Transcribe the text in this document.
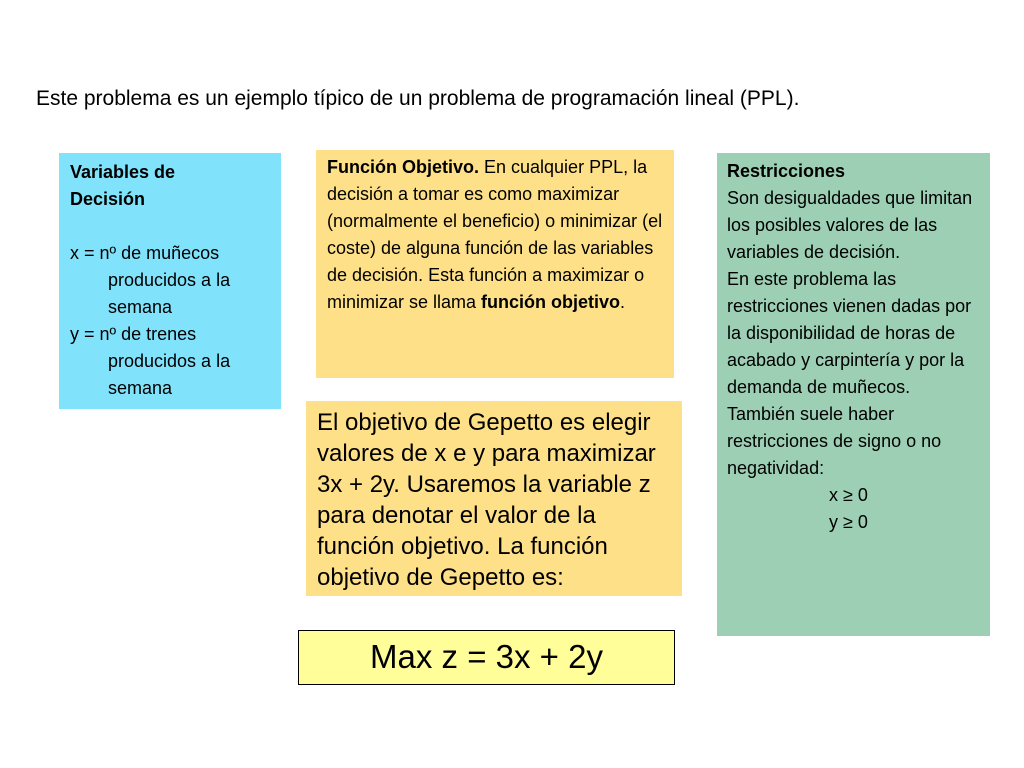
Este problema es un ejemplo típico de un problema de programación lineal (PPL).

Variables de

Decisión

x = nº de muñecos producidos a la semana

y = nº de trenes producidos a la semana

Función Objetivo. En cualquier PPL, la decisión a tomar es como maximizar (normalmente el beneficio) o minimizar (el coste) de alguna función de las variables de decisión. Esta función a maximizar o minimizar se llama función objetivo.

El objetivo de Gepetto es elegir valores de x e y para maximizar 3x + 2y. Usaremos la variable z para denotar el valor de la función objetivo. La función objetivo de Gepetto es:

Restricciones

Son desigualdades que limitan los posibles valores de las variables de decisión.

En este problema las restricciones vienen dadas por la disponibilidad de horas de acabado y carpintería y por la demanda de muñecos.

También suele haber restricciones de signo o no negatividad:

x ≥ 0

y ≥ 0

Max z = 3x + 2y
